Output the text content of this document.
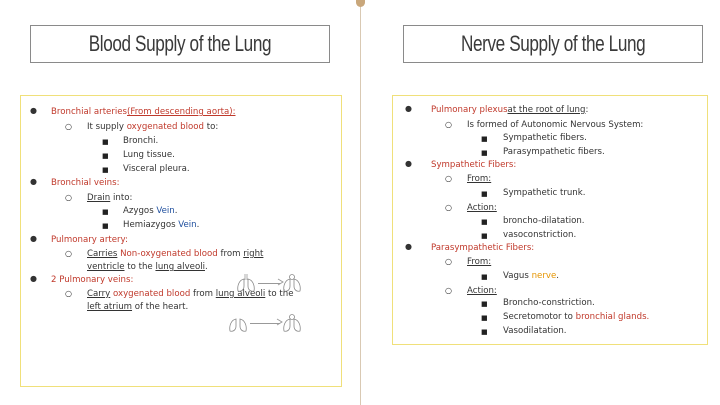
Blood Supply of the Lung	Nerve Supply of the Lung
● Bronchial arteries(From descending aorta):
○ It supply oxygenated blood to:
■ Bronchi.
■ Lung tissue.
■ Visceral pleura.
● Bronchial veins:
○ Drain into:
■ Azygos Vein.
■ Hemiazygos Vein.
● Pulmonary artery:
○ Carries Non-oxygenated blood from right
ventricle to the lung alveoli.
● 2 Pulmonary veins:
○ Carry oxygenated blood from lung alveoli to the
left atrium of the heart.
● Pulmonary plexusat the root of lung:
○ Is formed of Autonomic Nervous System:
■ Sympathetic fibers.
■ Parasympathetic fibers.
● Sympathetic Fibers:
○ From:
■ Sympathetic trunk.
○ Action:
■ broncho-dilatation.
■ vasoconstriction.
● Parasympathetic Fibers:
○ From:
■ Vagus nerve.
○ Action:
■ Broncho-constriction.
■ Secretomotor to bronchial glands.
■ Vasodilatation.
